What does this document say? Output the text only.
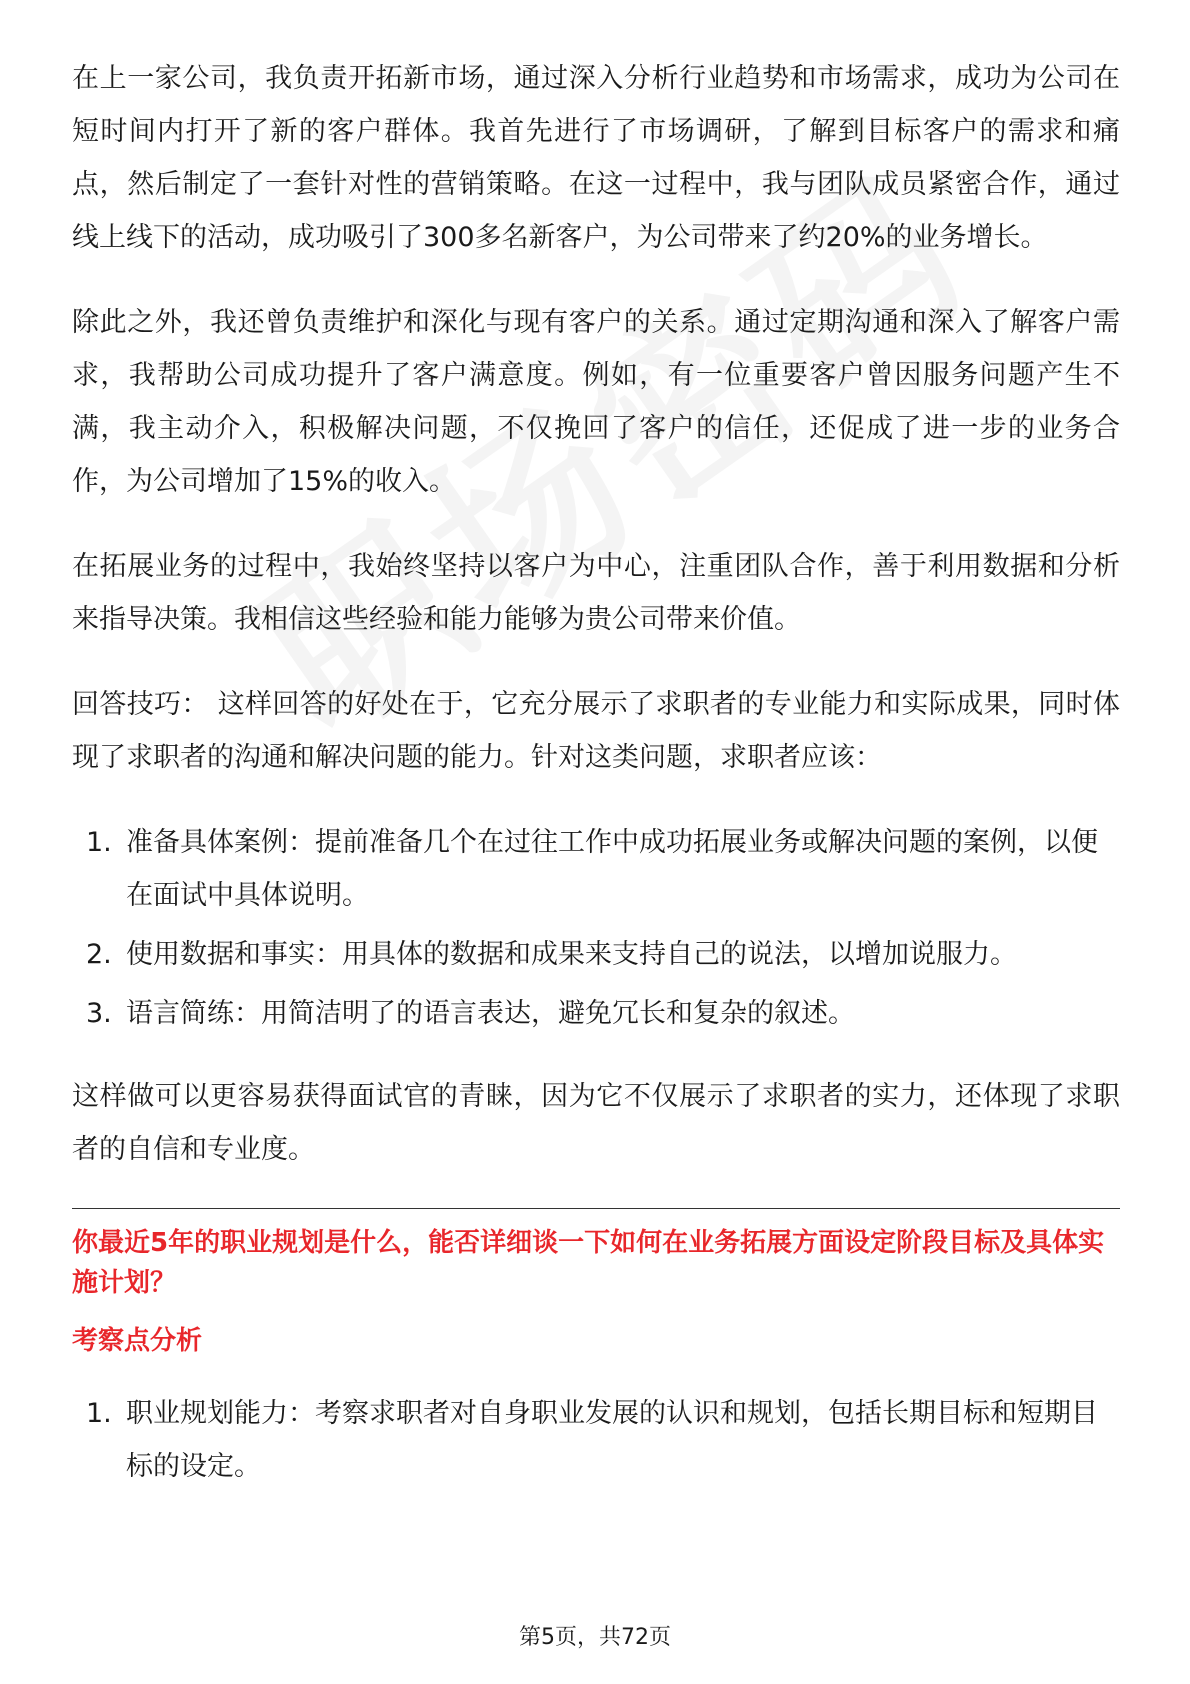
在上一家公司，我负责开拓新市场，通过深入分析行业趋势和市场需求，成功为公司在短时间内打开了新的客户群体。我首先进行了市场调研，了解到目标客户的需求和痛点，然后制定了一套针对性的营销策略。在这一过程中，我与团队成员紧密合作，通过线上线下的活动，成功吸引了300多名新客户，为公司带来了约20%的业务增长。

除此之外，我还曾负责维护和深化与现有客户的关系。通过定期沟通和深入了解客户需求，我帮助公司成功提升了客户满意度。例如，有一位重要客户曾因服务问题产生不满，我主动介入，积极解决问题，不仅挽回了客户的信任，还促成了进一步的业务合作，为公司增加了15%的收入。

在拓展业务的过程中，我始终坚持以客户为中心，注重团队合作，善于利用数据和分析来指导决策。我相信这些经验和能力能够为贵公司带来价值。

回答技巧： 这样回答的好处在于，它充分展示了求职者的专业能力和实际成果，同时体现了求职者的沟通和解决问题的能力。针对这类问题，求职者应该：

1. 准备具体案例：提前准备几个在过往工作中成功拓展业务或解决问题的案例，以便在面试中具体说明。
2. 使用数据和事实：用具体的数据和成果来支持自己的说法，以增加说服力。
3. 语言简练：用简洁明了的语言表达，避免冗长和复杂的叙述。

这样做可以更容易获得面试官的青睐，因为它不仅展示了求职者的实力，还体现了求职者的自信和专业度。

你最近5年的职业规划是什么，能否详细谈一下如何在业务拓展方面设定阶段目标及具体实施计划？
考察点分析
1. 职业规划能力：考察求职者对自身职业发展的认识和规划，包括长期目标和短期目标的设定。
第5页，共72页
